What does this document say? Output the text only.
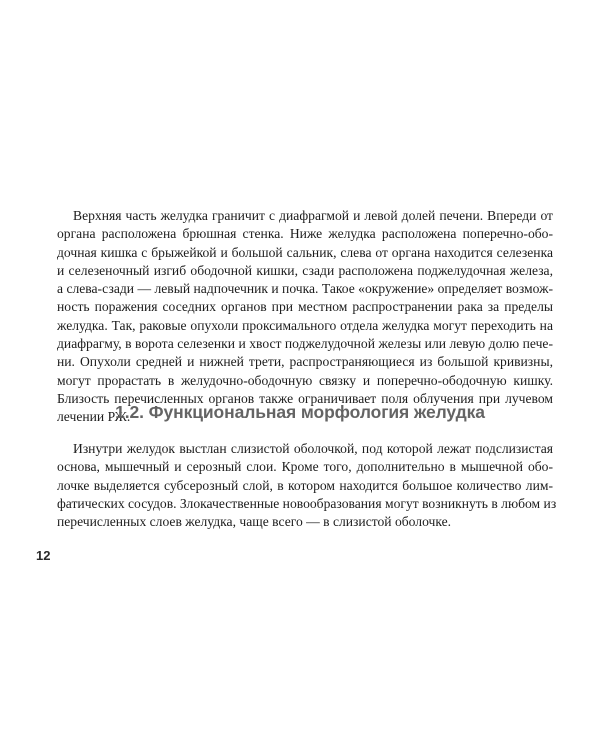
Верхняя часть желудка граничит с диафрагмой и левой долей печени. Впереди от
органа расположена брюшная стенка. Ниже желудка расположена поперечно-обо-
дочная кишка с брыжейкой и большой сальник, слева от органа находится селезенка
и селезеночный изгиб ободочной кишки, сзади расположена поджелудочная железа,
а слева-сзади — левый надпочечник и почка. Такое «окружение» определяет возмож-
ность поражения соседних органов при местном распространении рака за пределы
желудка. Так, раковые опухоли проксимального отдела желудка могут переходить на
диафрагму, в ворота селезенки и хвост поджелудочной железы или левую долю пече-
ни. Опухоли средней и нижней трети, распространяющиеся из большой кривизны,
могут прорастать в желудочно-ободочную связку и поперечно-ободочную кишку.
Близость перечисленных органов также ограничивает поля облучения при лучевом
лечении РЖ.
1.2. Функциональная морфология желудка
Изнутри желудок выстлан слизистой оболочкой, под которой лежат подслизистая
основа, мышечный и серозный слои. Кроме того, дополнительно в мышечной обо-
лочке выделяется субсерозный слой, в котором находится большое количество лим-
фатических сосудов. Злокачественные новообразования могут возникнуть в любом из
перечисленных слоев желудка, чаще всего — в слизистой оболочке.
12
